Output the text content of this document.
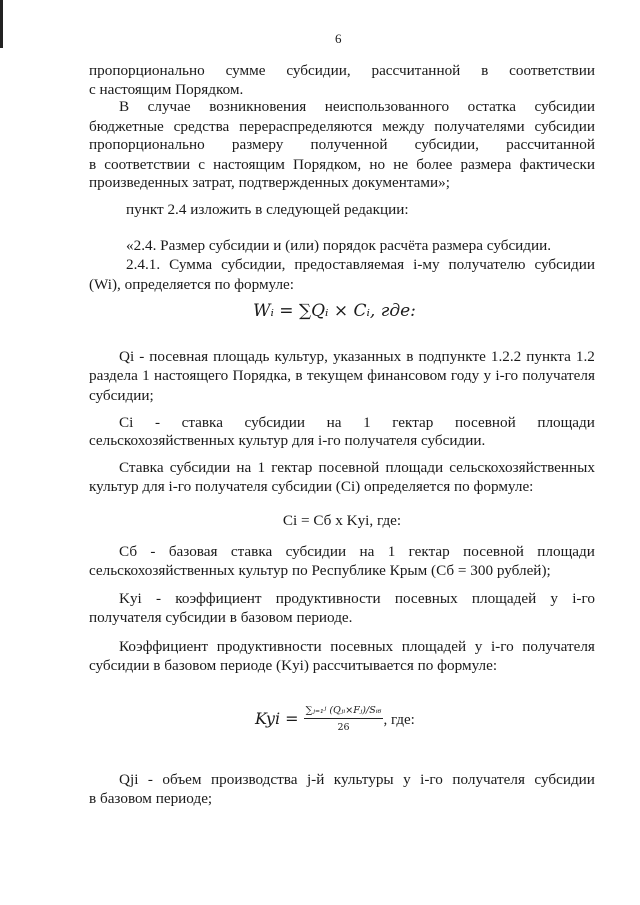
6
пропорционально сумме субсидии, рассчитанной в соответствии
с настоящим Порядком.
В случае возникновения неиспользованного остатка субсидии
бюджетные средства перераспределяются между получателями субсидии
пропорционально размеру полученной субсидии, рассчитанной
в соответствии с настоящим Порядком, но не более размера фактически
произведенных затрат, подтвержденных документами»;
пункт 2.4 изложить в следующей редакции:
«2.4. Размер субсидии и (или) порядок расчёта размера субсидии.
2.4.1. Сумма субсидии, предоставляемая i-му получателю субсидии
(Wi), определяется по формуле:
Qi - посевная площадь культур, указанных в подпункте 1.2.2 пункта 1.2
раздела 1 настоящего Порядка, в текущем финансовом году у i-го получателя
субсидии;
Ci - ставка субсидии на 1 гектар посевной площади
сельскохозяйственных культур для i-го получателя субсидии.
Ставка субсидии на 1 гектар посевной площади сельскохозяйственных
культур для i-го получателя субсидии (Ci) определяется по формуле:
Ci = Сб х Kyi, где:
Сб - базовая ставка субсидии на 1 гектар посевной площади
сельскохозяйственных культур по Республике Крым (Сб = 300 рублей);
Kyi - коэффициент продуктивности посевных площадей у i-го
получателя субсидии в базовом периоде.
Коэффициент продуктивности посевных площадей у i-го получателя
субсидии в базовом периоде (Kyi) рассчитывается по формуле:
Qji - объем производства j-й культуры у i-го получателя субсидии
в базовом периоде;
Wᵢ = ∑Qᵢ × Cᵢ, где:
Kyi = $\frac{\text{∑ⱼ₌₁ʲ (Qⱼᵢ×Fⱼ)/Sᵢ₆}}{26}$ , где:
